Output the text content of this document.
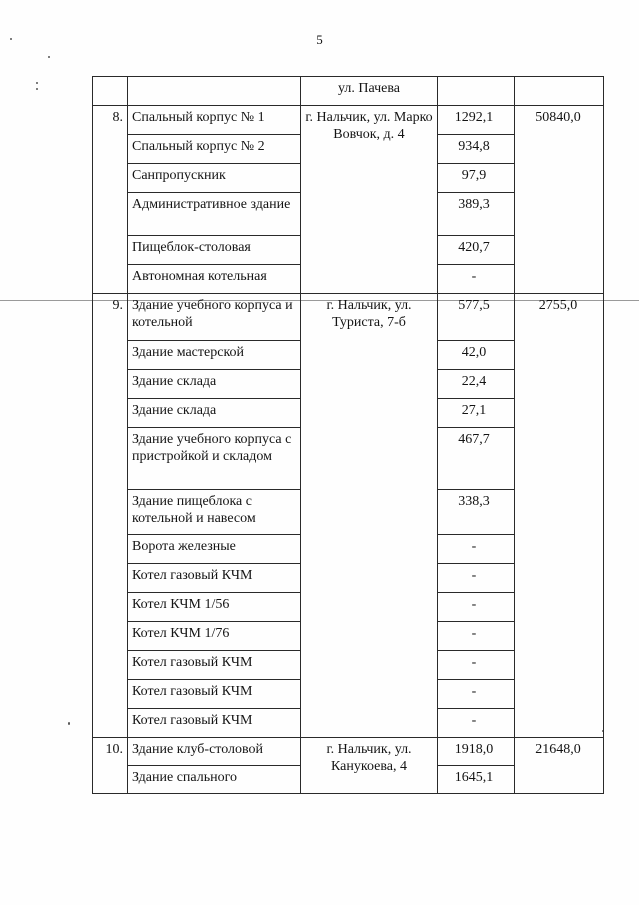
5
		ул. Пачева		
8.	Спальный корпус № 1	г. Нальчик, ул. Марко Вовчок, д. 4	1292,1	50840,0
	Спальный корпус № 2		934,8	
	Санпропускник		97,9	
	Административное здание		389,3	
	Пищеблок-столовая		420,7	
	Автономная котельная		-	
9.	Здание учебного корпуса и котельной	г. Нальчик, ул. Туриста, 7-б	577,5	2755,0
	Здание мастерской		42,0	
	Здание склада		22,4	
	Здание склада		27,1	
	Здание учебного корпуса с пристройкой и складом		467,7	
	Здание пищеблока с котельной и навесом		338,3	
	Ворота железные		-	
	Котел газовый КЧМ		-	
	Котел КЧМ 1/56		-	
	Котел КЧМ 1/76		-	
	Котел газовый КЧМ		-	
	Котел газовый КЧМ		-	
	Котел газовый КЧМ		-	
10.	Здание клуб-столовой	г. Нальчик, ул. Канукоева, 4	1918,0	21648,0
	Здание спального		1645,1	
